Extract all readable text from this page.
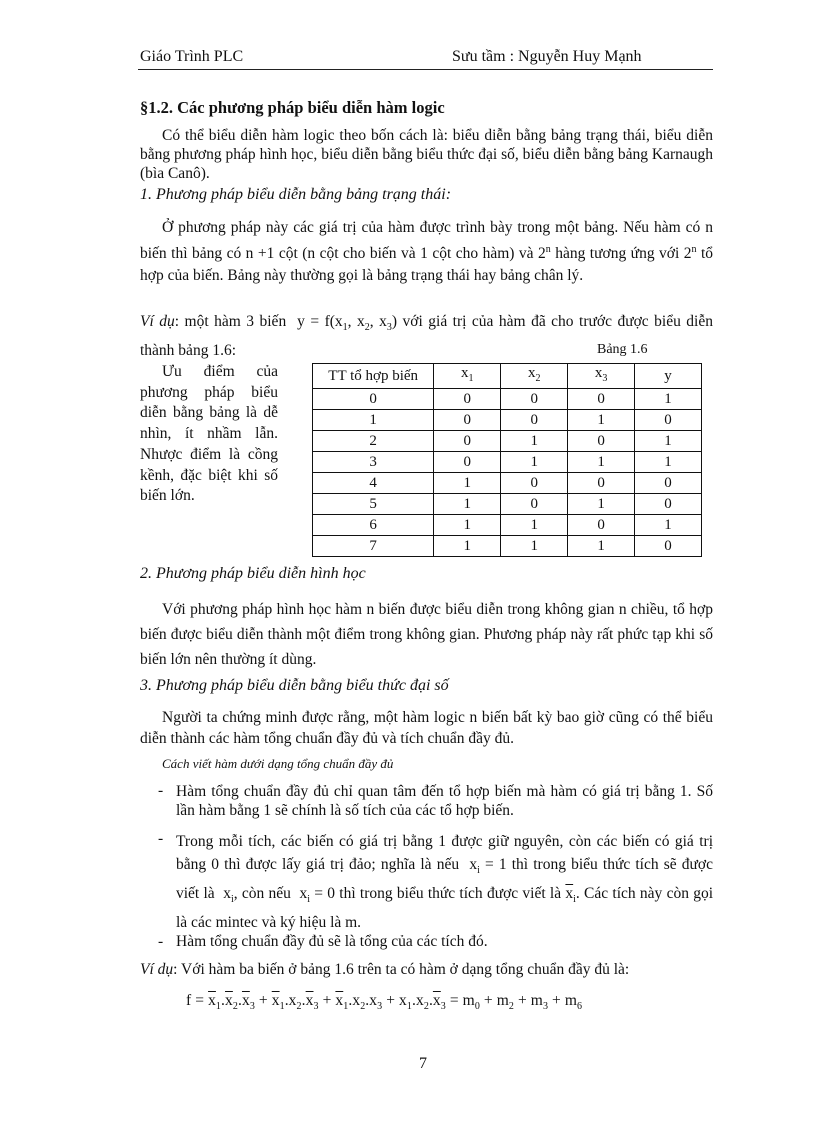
Giáo Trình PLC	Sưu tầm : Nguyễn Huy Mạnh
§1.2. Các phương pháp biểu diễn hàm logic
Có thể biểu diễn hàm logic theo bốn cách là: biểu diễn bằng bảng trạng thái, biểu diễn bằng phương pháp hình học, biểu diễn bằng biểu thức đại số, biểu diễn bằng bảng Karnaugh (bìa Canô).
1. Phương pháp biểu diễn bằng bảng trạng thái:
Ở phương pháp này các giá trị của hàm được trình bày trong một bảng. Nếu hàm có n biến thì bảng có n +1 cột (n cột cho biến và 1 cột cho hàm) và 2$^n$ hàng tương ứng với 2$^n$ tổ hợp của biến. Bảng này thường gọi là bảng trạng thái hay bảng chân lý.
Ví dụ: một hàm 3 biến $y = f(x_1$, $x_2$, $x_3$) với giá trị của hàm đã cho trước được biểu diễn thành bảng 1.6:
Ưu điểm của phương pháp biểu diễn bằng bảng là dễ nhìn, ít nhầm lẫn. Nhược điểm là cồng kềnh, đặc biệt khi số biến lớn.
Bảng 1.6
TT tổ hợp biến	$x_1$	$x_2$	$x_3$	y
0	0	0	0	1
1	0	0	1	0
2	0	1	0	1
3	0	1	1	1
4	1	0	0	0
5	1	0	1	0
6	1	1	0	1
7	1	1	1	0
2. Phương pháp biểu diễn hình học
Với phương pháp hình học hàm n biến được biểu diễn trong không gian n chiều, tổ hợp biến được biểu diễn thành một điểm trong không gian. Phương pháp này rất phức tạp khi số biến lớn nên thường ít dùng.
3. Phương pháp biểu diễn bằng biểu thức đại số
Người ta chứng minh được rằng, một hàm logic n biến bất kỳ bao giờ cũng có thể biểu diễn thành các hàm tổng chuẩn đầy đủ và tích chuẩn đầy đủ.
Cách viết hàm dưới dạng tổng chuẩn đầy đủ
- Hàm tổng chuẩn đầy đủ chỉ quan tâm đến tổ hợp biến mà hàm có giá trị bằng 1. Số lần hàm bằng 1 sẽ chính là số tích của các tổ hợp biến.
- Trong mỗi tích, các biến có giá trị bằng 1 được giữ nguyên, còn các biến có giá trị bằng 0 thì được lấy giá trị đảo; nghĩa là nếu  $x_i = 1$ thì trong biểu thức tích sẽ được viết là  $x_i$, còn nếu  $x_i = 0$ thì trong biểu thức tích được viết là $\overline{x}_i$. Các tích này còn gọi là các mintec và ký hiệu là m.
- Hàm tổng chuẩn đầy đủ sẽ là tổng của các tích đó.
Ví dụ: Với hàm ba biến ở bảng 1.6 trên ta có hàm ở dạng tổng chuẩn đầy đủ là:
$f = \overline{x}_1.\overline{x}_2.\overline{x}_3 + \overline{x}_1.x_2.\overline{x}_3 + \overline{x}_1.x_2.x_3 + x_1.x_2.\overline{x}_3 = m_0 + m_2 + m_3 + m_6$
7
